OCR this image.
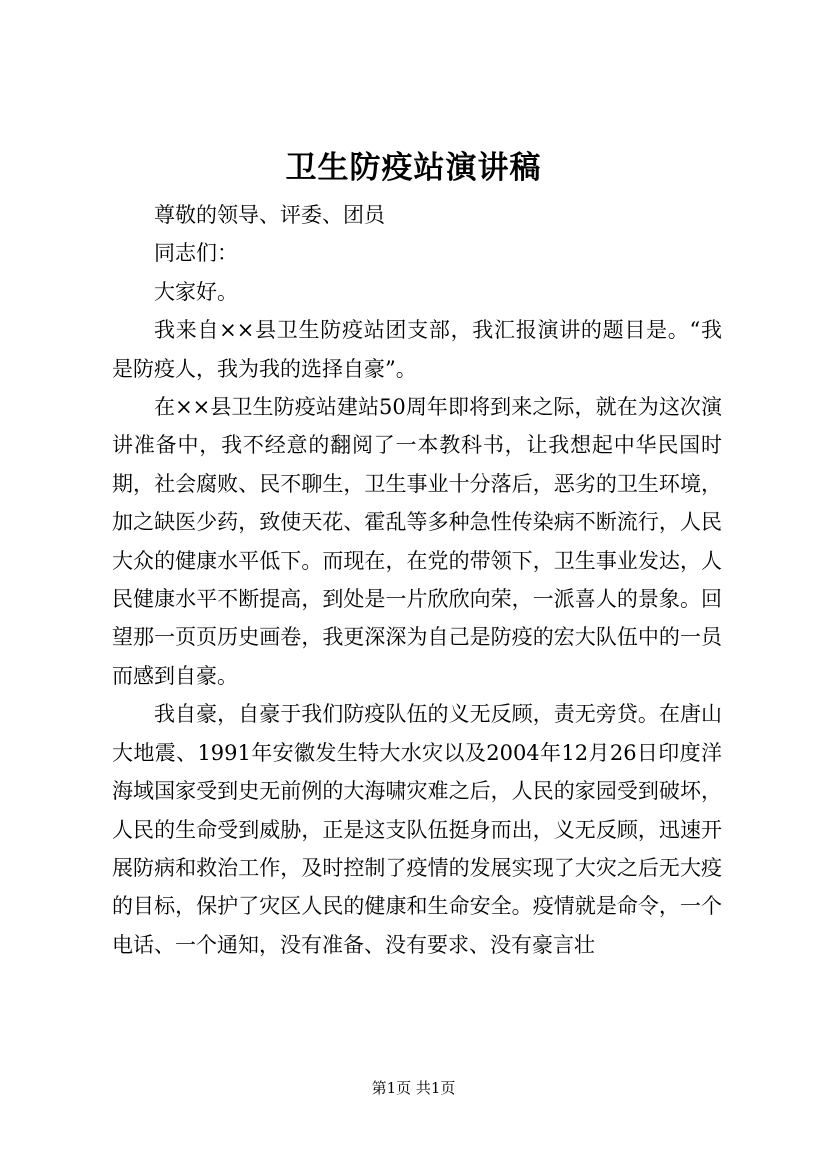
卫生防疫站演讲稿

尊敬的领导、评委、团员

同志们：

大家好。

我来自××县卫生防疫站团支部，我汇报演讲的题目是。“我是防疫人，我为我的选择自豪”。

在××县卫生防疫站建站50周年即将到来之际，就在为这次演讲准备中，我不经意的翻阅了一本教科书，让我想起中华民国时期，社会腐败、民不聊生，卫生事业十分落后，恶劣的卫生环境，加之缺医少药，致使天花、霍乱等多种急性传染病不断流行，人民大众的健康水平低下。而现在，在党的带领下，卫生事业发达，人民健康水平不断提高，到处是一片欣欣向荣，一派喜人的景象。回望那一页页历史画卷，我更深深为自己是防疫的宏大队伍中的一员而感到自豪。

我自豪，自豪于我们防疫队伍的义无反顾，责无旁贷。在唐山大地震、1991年安徽发生特大水灾以及2004年12月26日印度洋海域国家受到史无前例的大海啸灾难之后，人民的家园受到破坏，人民的生命受到威胁，正是这支队伍挺身而出，义无反顾，迅速开展防病和救治工作，及时控制了疫情的发展实现了大灾之后无大疫的目标，保护了灾区人民的健康和生命安全。疫情就是命令，一个电话、一个通知，没有准备、没有要求、没有豪言壮

第1页 共1页
